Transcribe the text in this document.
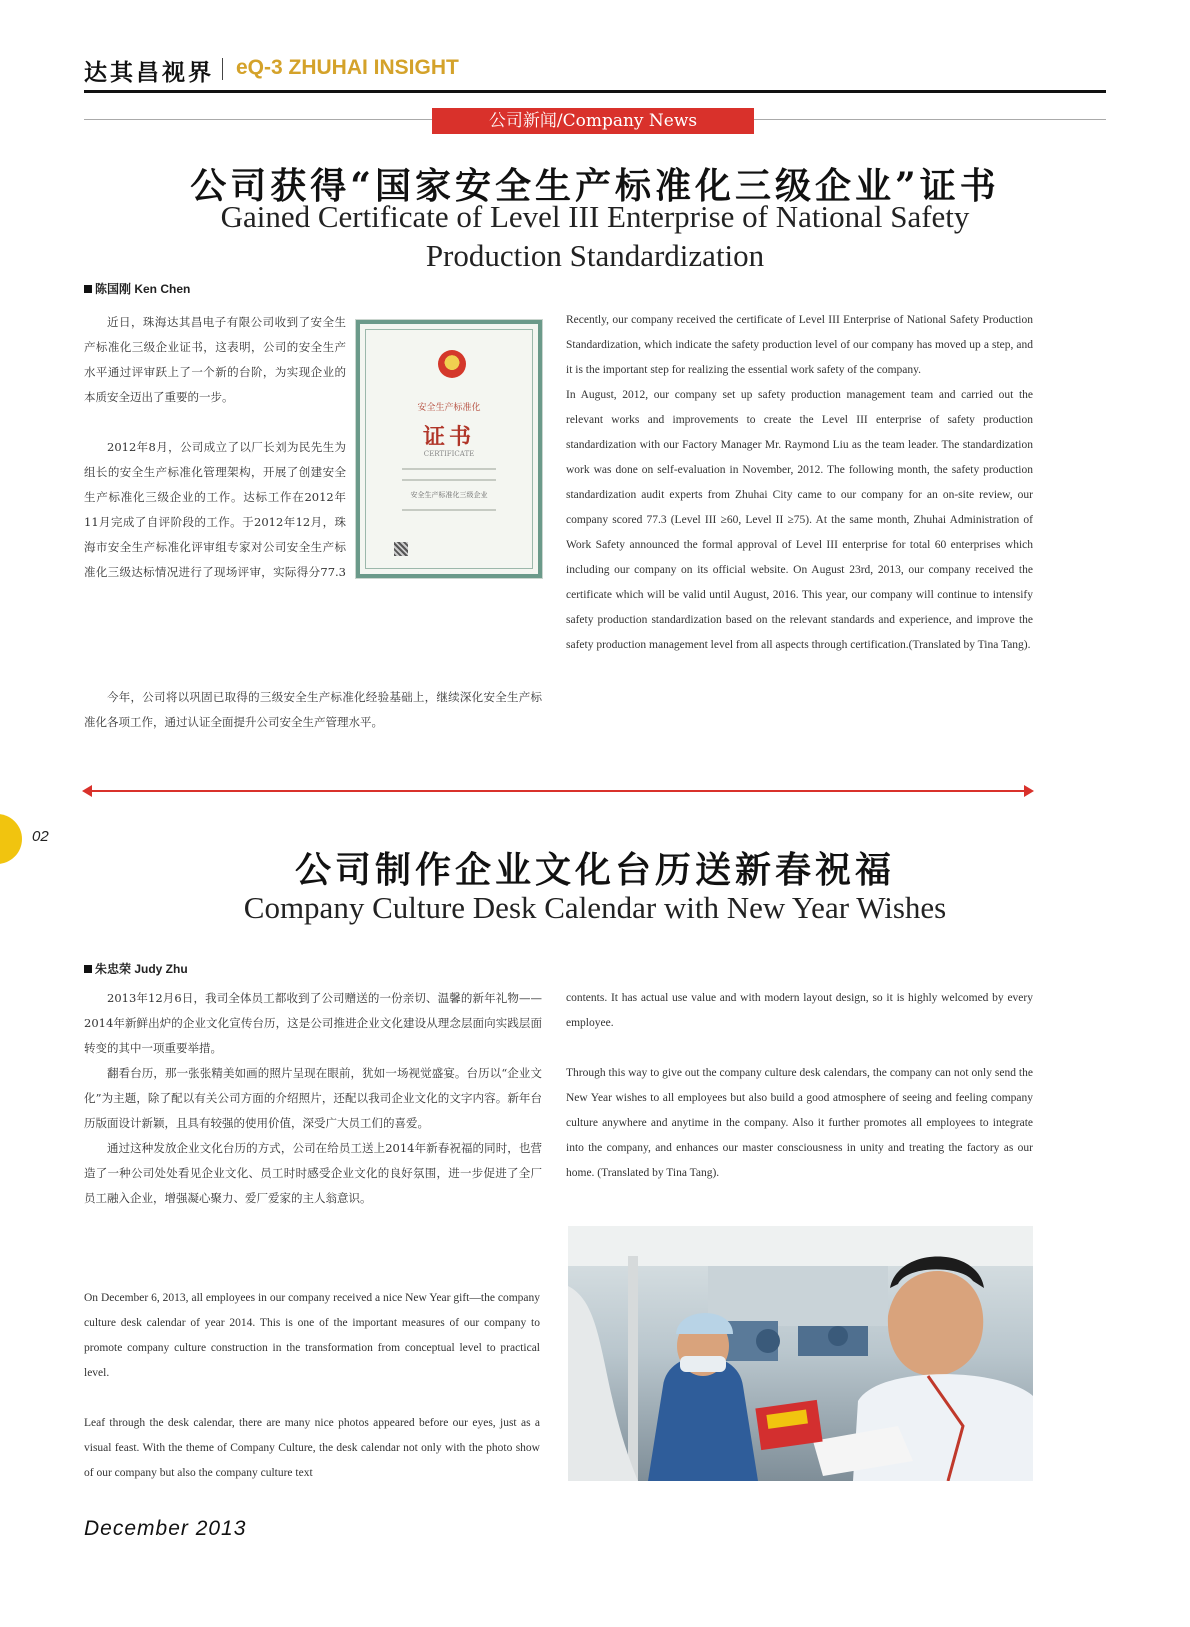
达其昌视界 eQ-3 ZHUHAI INSIGHT
公司新闻/Company News
公司获得“国家安全生产标准化三级企业”证书
Gained Certificate of Level III Enterprise of National Safety
Production Standardization
陈国刚 Ken Chen

近日，珠海达其昌电子有限公司收到了安全生产标准化三级企业证书，这表明，公司的安全生产水平通过评审跃上了一个新的台阶，为实现企业的本质安全迈出了重要的一步。

2012年8月，公司成立了以厂长刘为民先生为组长的安全生产标准化管理架构，开展了创建安全生产标准化三级企业的工作。达标工作在2012年11月完成了自评阶段的工作。于2012年12月，珠海市安全生产标准化评审组专家对公司安全生产标准化三级达标情况进行了现场评审，实际得分77.3

今年，公司将以巩固已取得的三级安全生产标准化经验基础上，继续深化安全生产标准化各项工作，通过认证全面提升公司安全生产管理水平。

安全生产标准化
证书
CERTIFICATE
安全生产标准化三级企业

Recently, our company received the certificate of Level III Enterprise of National Safety Production Standardization, which indicate the safety production level of our company has moved up a step, and it is the important step for realizing the essential work safety of the company.

In August, 2012, our company set up safety production management team and carried out the relevant works and improvements to create the Level III enterprise of safety production standardization with our Factory Manager Mr. Raymond Liu as the team leader. The standardization work was done on self-evaluation in November, 2012. The following month, the safety production standardization audit experts from Zhuhai City came to our company for an on-site review, our company scored 77.3 (Level III ≥60, Level II ≥75). At the same month, Zhuhai Administration of Work Safety announced the formal approval of Level III enterprise for total 60 enterprises which including our company on its official website. On August 23rd, 2013, our company received the certificate which will be valid until August, 2016. This year, our company will continue to intensify safety production standardization based on the relevant standards and experience, and improve the safety production management level from all aspects through certification.(Translated by Tina Tang).

02
公司制作企业文化台历送新春祝福
Company Culture Desk Calendar with New Year Wishes
朱忠荣 Judy Zhu

2013年12月6日，我司全体员工都收到了公司赠送的一份亲切、温馨的新年礼物——2014年新鲜出炉的企业文化宣传台历，这是公司推进企业文化建设从理念层面向实践层面转变的其中一项重要举措。

翻看台历，那一张张精美如画的照片呈现在眼前，犹如一场视觉盛宴。台历以“企业文化”为主题，除了配以有关公司方面的介绍照片，还配以我司企业文化的文字内容。新年台历版面设计新颖，且具有较强的使用价值，深受广大员工们的喜爱。

通过这种发放企业文化台历的方式，公司在给员工送上2014年新春祝福的同时，也营造了一种公司处处看见企业文化、员工时时感受企业文化的良好氛围，进一步促进了全厂员工融入企业，增强凝心聚力、爱厂爱家的主人翁意识。

On December 6, 2013, all employees in our company received a nice New Year gift—the company culture desk calendar of year 2014. This is one of the important measures of our company to promote company culture construction in the transformation from conceptual level to practical level.

Leaf through the desk calendar, there are many nice photos appeared before our eyes, just as a visual feast. With the theme of Company Culture, the desk calendar not only with the photo show of our company but also the company culture text

contents. It has actual use value and with modern layout design, so it is highly welcomed by every employee.

Through this way to give out the company culture desk calendars, the company can not only send the New Year wishes to all employees but also build a good atmosphere of seeing and feeling company culture anywhere and anytime in the company. Also it further promotes all employees to integrate into the company, and enhances our master consciousness in unity and treating the factory as our home. (Translated by Tina Tang).

December 2013
